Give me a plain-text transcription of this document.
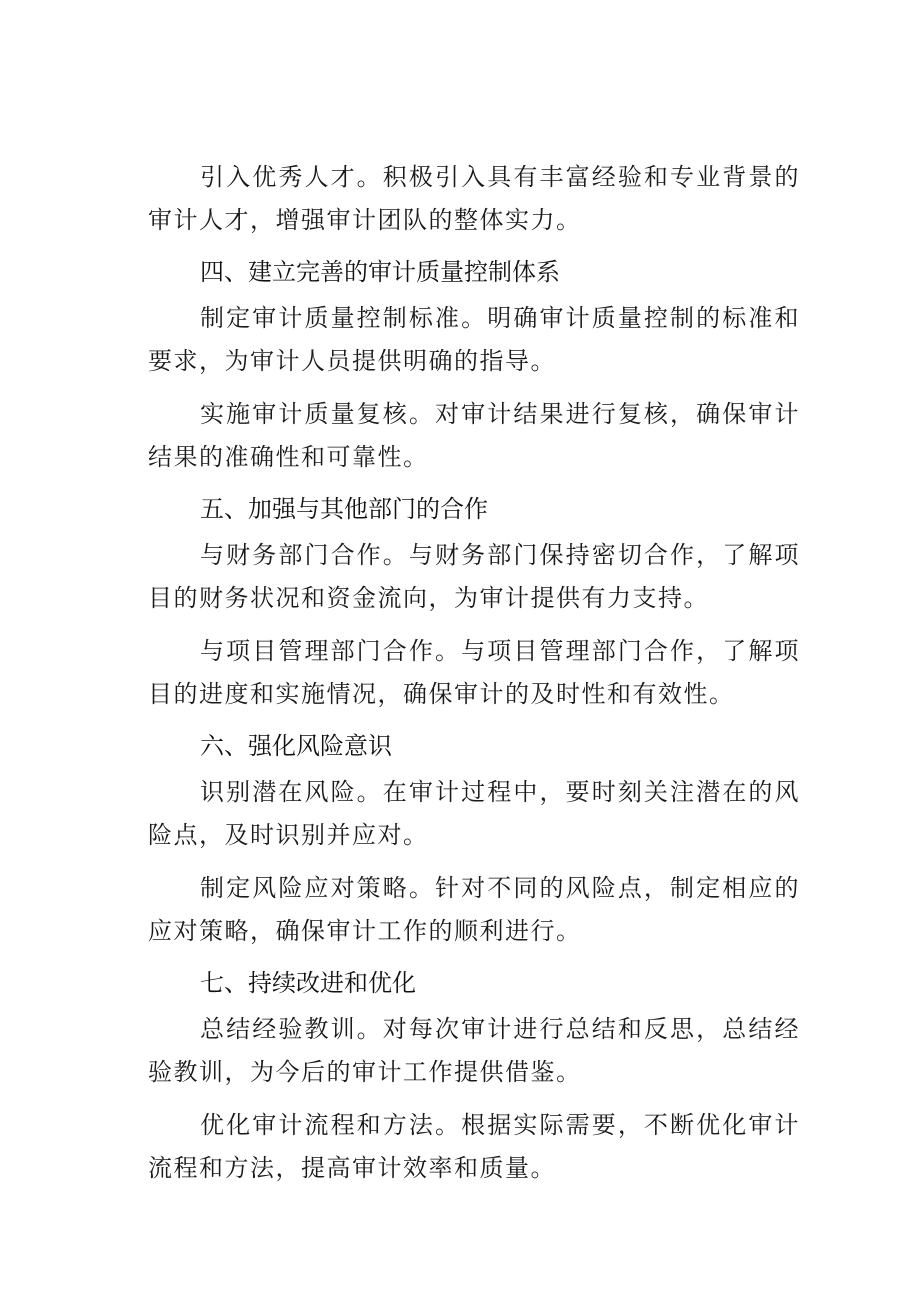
引入优秀人才。积极引入具有丰富经验和专业背景的审计人才，增强审计团队的整体实力。

四、建立完善的审计质量控制体系

制定审计质量控制标准。明确审计质量控制的标准和要求，为审计人员提供明确的指导。

实施审计质量复核。对审计结果进行复核，确保审计结果的准确性和可靠性。

五、加强与其他部门的合作

与财务部门合作。与财务部门保持密切合作，了解项目的财务状况和资金流向，为审计提供有力支持。

与项目管理部门合作。与项目管理部门合作，了解项目的进度和实施情况，确保审计的及时性和有效性。

六、强化风险意识

识别潜在风险。在审计过程中，要时刻关注潜在的风险点，及时识别并应对。

制定风险应对策略。针对不同的风险点，制定相应的应对策略，确保审计工作的顺利进行。

七、持续改进和优化

总结经验教训。对每次审计进行总结和反思，总结经验教训，为今后的审计工作提供借鉴。

优化审计流程和方法。根据实际需要，不断优化审计流程和方法，提高审计效率和质量。
